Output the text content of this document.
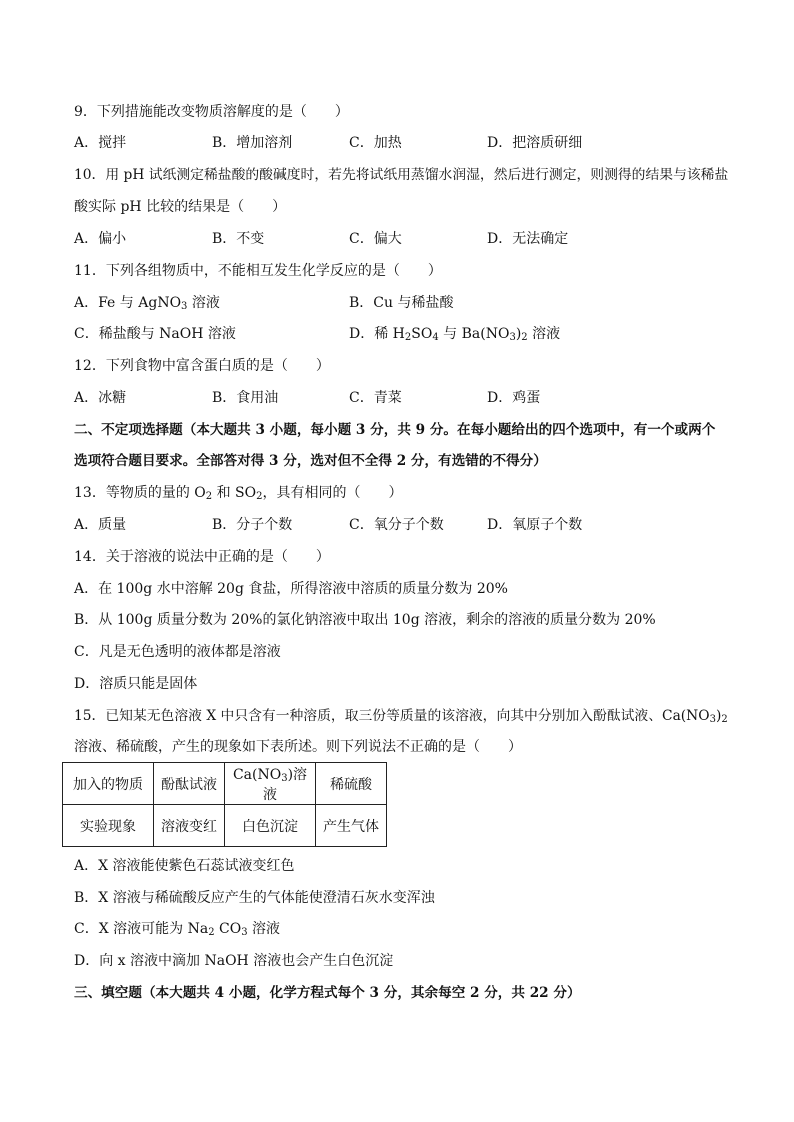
9．下列措施能改变物质溶解度的是（　　）
A．搅拌	B．增加溶剂	C．加热	D．把溶质研细
10．用 pH 试纸测定稀盐酸的酸碱度时，若先将试纸用蒸馏水润湿，然后进行测定，则测得的结果与该稀盐
酸实际 pH 比较的结果是（　　）
A．偏小	B．不变	C．偏大	D．无法确定
11．下列各组物质中，不能相互发生化学反应的是（　　）
A．Fe 与 AgNO$_3$ 溶液	B．Cu 与稀盐酸
C．稀盐酸与 NaOH 溶液	D．稀 $H_2SO_4$ 与 $Ba(NO_3)_2$ 溶液
12．下列食物中富含蛋白质的是（　　）
A．冰糖	B．食用油	C．青菜	D．鸡蛋
二、不定项选择题（本大题共 3 小题，每小题 3 分，共 9 分。在每小题给出的四个选项中，有一个或两个
选项符合题目要求。全部答对得 3 分，选对但不全得 2 分，有选错的不得分）
13．等物质的量的 $O_2$ 和 $SO_2$，具有相同的（　　）
A．质量	B．分子个数	C．氧分子个数	D．氧原子个数
14．关于溶液的说法中正确的是（　　）
A．在 100g 水中溶解 20g 食盐，所得溶液中溶质的质量分数为 20%
B．从 100g 质量分数为 20%的氯化钠溶液中取出 10g 溶液，剩余的溶液的质量分数为 20%
C．凡是无色透明的液体都是溶液
D．溶质只能是固体
15．已知某无色溶液 X 中只含有一种溶质，取三份等质量的该溶液，向其中分别加入酚酞试液、$Ca(NO_3)_2$
溶液、稀硫酸，产生的现象如下表所述。则下列说法不正确的是（　　）
加入的物质	酚酞试液	$Ca(NO_3)$溶液	稀硫酸
实验现象	溶液变红	白色沉淀	产生气体
A．X 溶液能使紫色石蕊试液变红色
B．X 溶液与稀硫酸反应产生的气体能使澄清石灰水变浑浊
C．X 溶液可能为 $Na_2$ $CO_3$ 溶液
D．向 x 溶液中滴加 NaOH 溶液也会产生白色沉淀
三、填空题（本大题共 4 小题，化学方程式每个 3 分，其余每空 2 分，共 22 分）
